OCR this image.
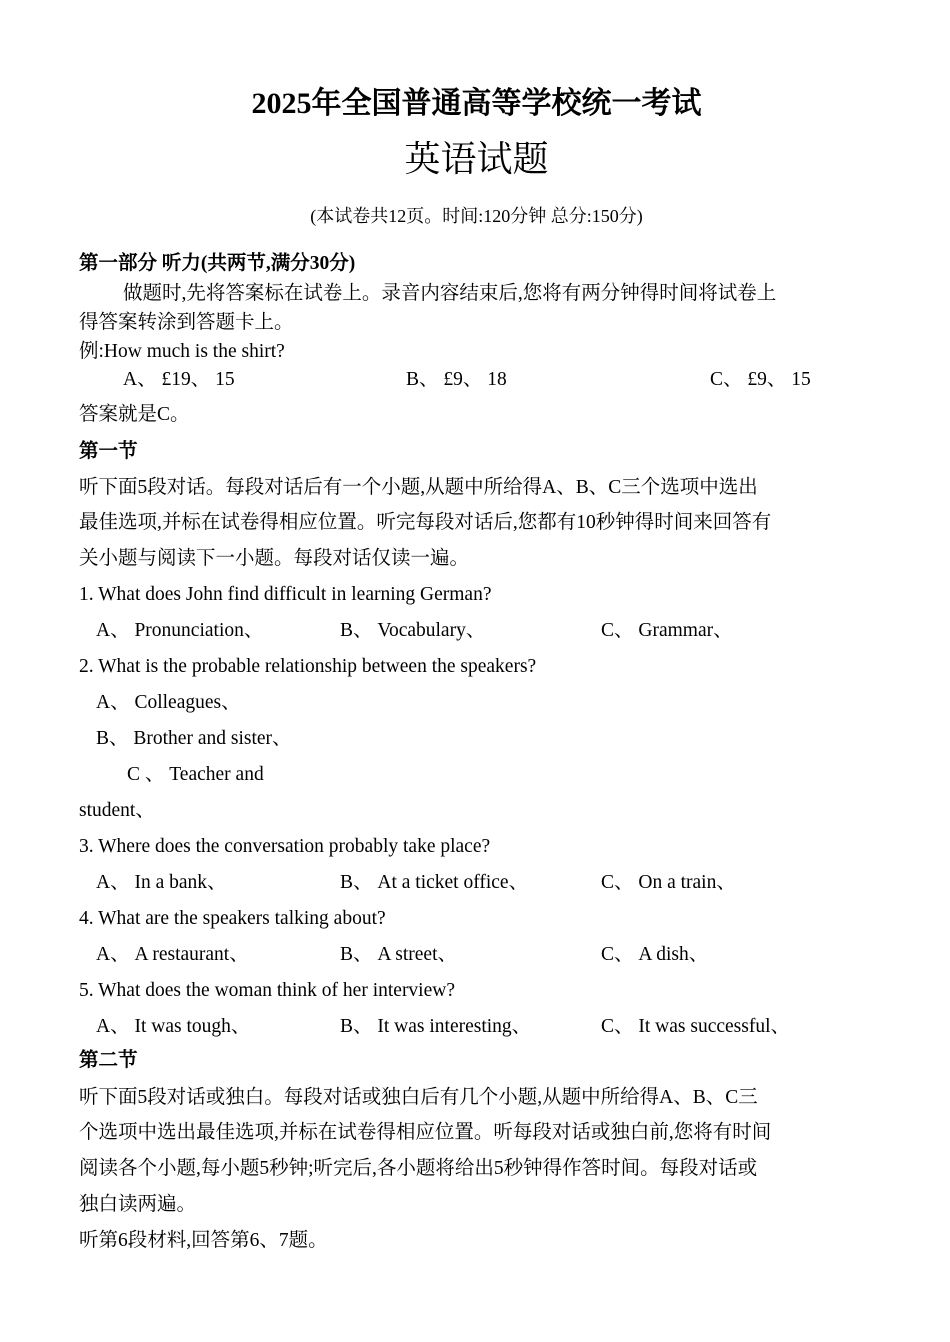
2025年全国普通高等学校统一考试
英语试题
(本试卷共12页。时间:120分钟 总分:150分)
第一部分 听力(共两节,满分30分)
做题时,先将答案标在试卷上。录音内容结束后,您将有两分钟得时间将试卷上
得答案转涂到答题卡上。
例:How much is the shirt?
A、 £19、 15	B、 £9、 18	C、 £9、 15
答案就是C。
第一节
听下面5段对话。每段对话后有一个小题,从题中所给得A、B、C三个选项中选出
最佳选项,并标在试卷得相应位置。听完每段对话后,您都有10秒钟得时间来回答有
关小题与阅读下一小题。每段对话仅读一遍。
1. What does John find difficult in learning German?
A、 Pronunciation、	B、 Vocabulary、	C、 Grammar、
2. What is the probable relationship between the speakers?
A、 Colleagues、
B、 Brother and sister、
C 、 Teacher and
student、
3. Where does the conversation probably take place?
A、 In a bank、	B、 At a ticket office、	C、 On a train、
4. What are the speakers talking about?
A、 A restaurant、	B、 A street、	C、 A dish、
5. What does the woman think of her interview?
A、 It was tough、	B、 It was interesting、	C、 It was successful、
第二节
听下面5段对话或独白。每段对话或独白后有几个小题,从题中所给得A、B、C三
个选项中选出最佳选项,并标在试卷得相应位置。听每段对话或独白前,您将有时间
阅读各个小题,每小题5秒钟;听完后,各小题将给出5秒钟得作答时间。每段对话或
独白读两遍。
听第6段材料,回答第6、7题。
